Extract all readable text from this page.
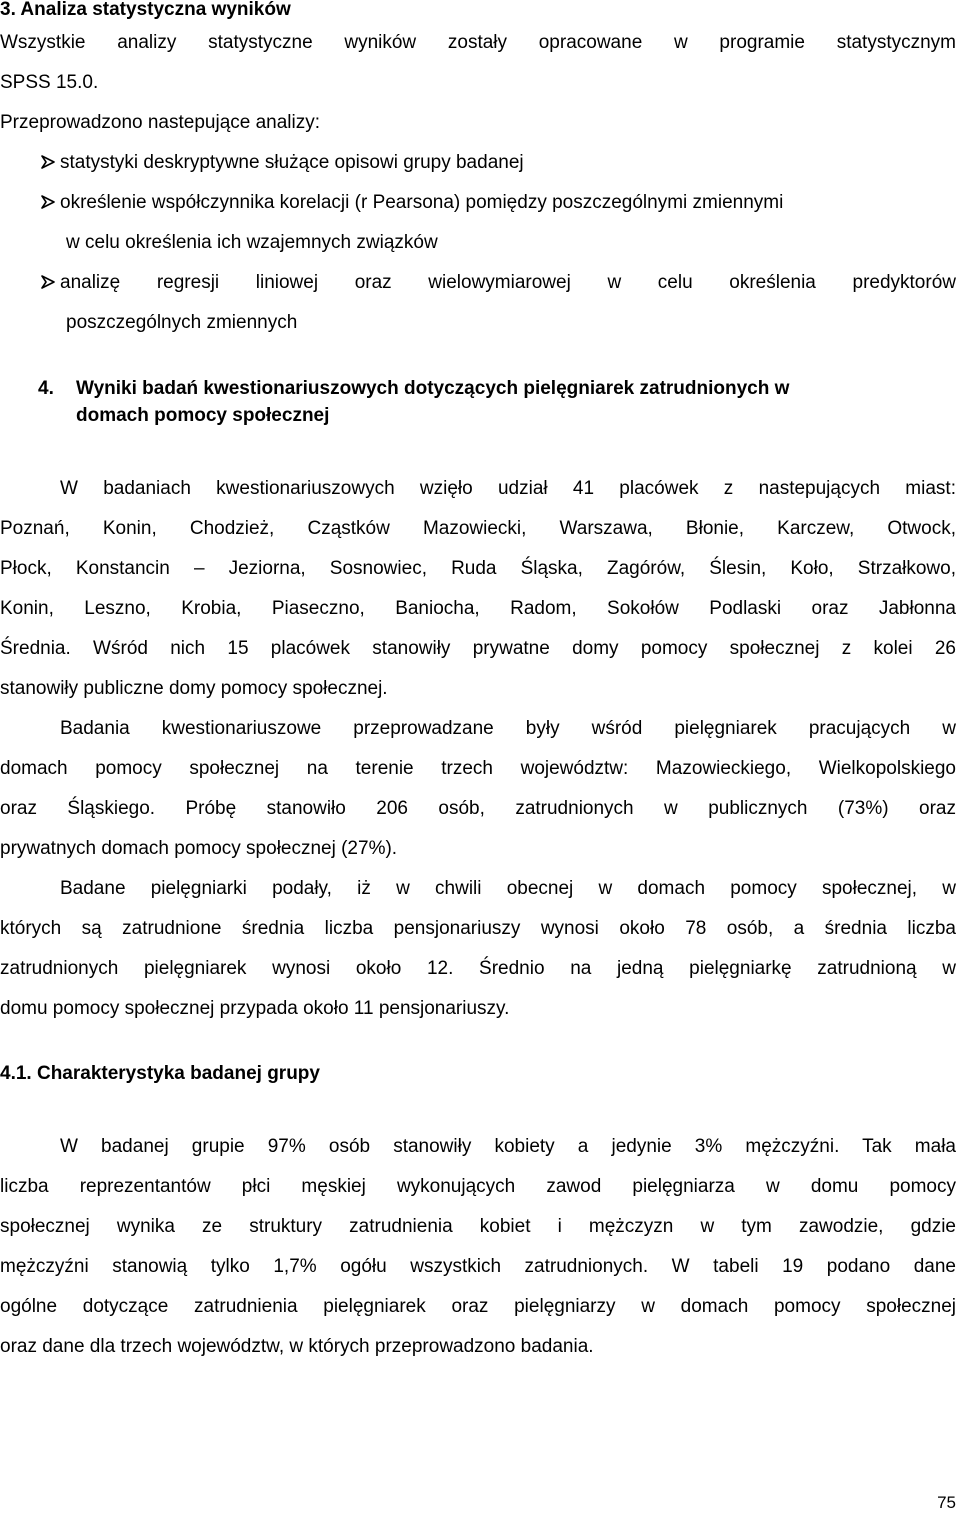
3. Analiza statystyczna wyników
Wszystkie analizy statystyczne wyników zostały opracowane w programie statystycznym
SPSS 15.0.
Przeprowadzono nastepujące analizy:
statystyki deskryptywne służące opisowi grupy badanej
określenie współczynnika korelacji (r Pearsona) pomiędzy poszczególnymi zmiennymi
w celu określenia ich wzajemnych związków
analizę regresji liniowej oraz wielowymiarowej w celu określenia predyktorów
poszczególnych zmiennych
4. Wyniki badań kwestionariuszowych dotyczących pielęgniarek zatrudnionych w
domach pomocy społecznej
W badaniach kwestionariuszowych wzięło udział 41 placówek z nastepujących miast:
Poznań, Konin, Chodzież, Cząstków Mazowiecki, Warszawa, Błonie, Karczew, Otwock,
Płock, Konstancin – Jeziorna, Sosnowiec, Ruda Śląska, Zagórów, Ślesin, Koło, Strzałkowo,
Konin, Leszno, Krobia, Piaseczno, Baniocha, Radom, Sokołów Podlaski oraz Jabłonna
Średnia. Wśród nich 15 placówek stanowiły prywatne domy pomocy społecznej z kolei 26
stanowiły publiczne domy pomocy społecznej.
Badania kwestionariuszowe przeprowadzane były wśród pielęgniarek pracujących w
domach pomocy społecznej na terenie trzech województw: Mazowieckiego, Wielkopolskiego
oraz Śląskiego. Próbę stanowiło 206 osób, zatrudnionych w publicznych (73%) oraz
prywatnych domach pomocy społecznej (27%).
Badane pielęgniarki podały, iż w chwili obecnej w domach pomocy społecznej, w
których są zatrudnione średnia liczba pensjonariuszy wynosi około 78 osób, a średnia liczba
zatrudnionych pielęgniarek wynosi około 12. Średnio na jedną pielęgniarkę zatrudnioną w
domu pomocy społecznej przypada około 11 pensjonariuszy.
4.1. Charakterystyka badanej grupy
W badanej grupie 97% osób stanowiły kobiety a jedynie 3% mężczyźni. Tak mała
liczba reprezentantów płci męskiej wykonujących zawod pielęgniarza w domu pomocy
społecznej wynika ze struktury zatrudnienia kobiet i mężczyzn w tym zawodzie, gdzie
mężczyźni stanowią tylko 1,7% ogółu wszystkich zatrudnionych. W tabeli 19 podano dane
ogólne dotyczące zatrudnienia pielęgniarek oraz pielęgniarzy w domach pomocy społecznej
oraz dane dla trzech województw, w których przeprowadzono badania.
75
